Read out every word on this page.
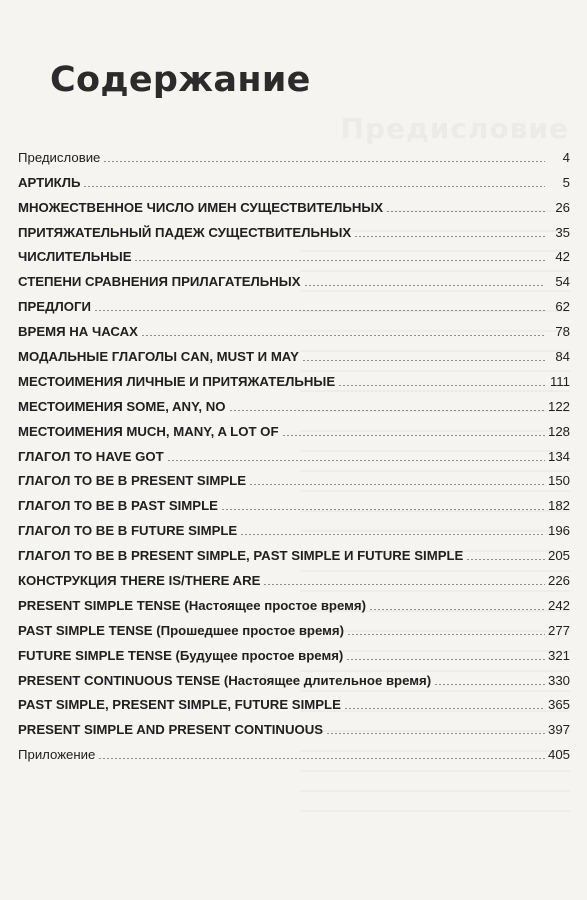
Предисловие
Содержание
Предисловие	4
АРТИКЛЬ	5
МНОЖЕСТВЕННОЕ ЧИСЛО ИМЕН СУЩЕСТВИТЕЛЬНЫХ	26
ПРИТЯЖАТЕЛЬНЫЙ ПАДЕЖ СУЩЕСТВИТЕЛЬНЫХ	35
ЧИСЛИТЕЛЬНЫЕ	42
СТЕПЕНИ СРАВНЕНИЯ ПРИЛАГАТЕЛЬНЫХ	54
ПРЕДЛОГИ	62
ВРЕМЯ НА ЧАСАХ	78
МОДАЛЬНЫЕ ГЛАГОЛЫ CAN, MUST И MAY	84
МЕСТОИМЕНИЯ ЛИЧНЫЕ И ПРИТЯЖАТЕЛЬНЫЕ	111
МЕСТОИМЕНИЯ SOME, ANY, NO	122
МЕСТОИМЕНИЯ MUCH, MANY, A LOT OF	128
ГЛАГОЛ TO HAVE GOT	134
ГЛАГОЛ TO BE В PRESENT SIMPLE	150
ГЛАГОЛ TO BE В PAST SIMPLE	182
ГЛАГОЛ TO BE В FUTURE SIMPLE	196
ГЛАГОЛ TO BE В PRESENT SIMPLE, PAST SIMPLE И FUTURE SIMPLE	205
КОНСТРУКЦИЯ THERE IS/THERE ARE	226
PRESENT SIMPLE TENSE (Настоящее простое время)	242
PAST SIMPLE TENSE (Прошедшее простое время)	277
FUTURE SIMPLE TENSE (Будущее простое время)	321
PRESENT CONTINUOUS TENSE (Настоящее длительное время)	330
PAST SIMPLE, PRESENT SIMPLE, FUTURE SIMPLE	365
PRESENT SIMPLE AND PRESENT CONTINUOUS	397
Приложение	405
